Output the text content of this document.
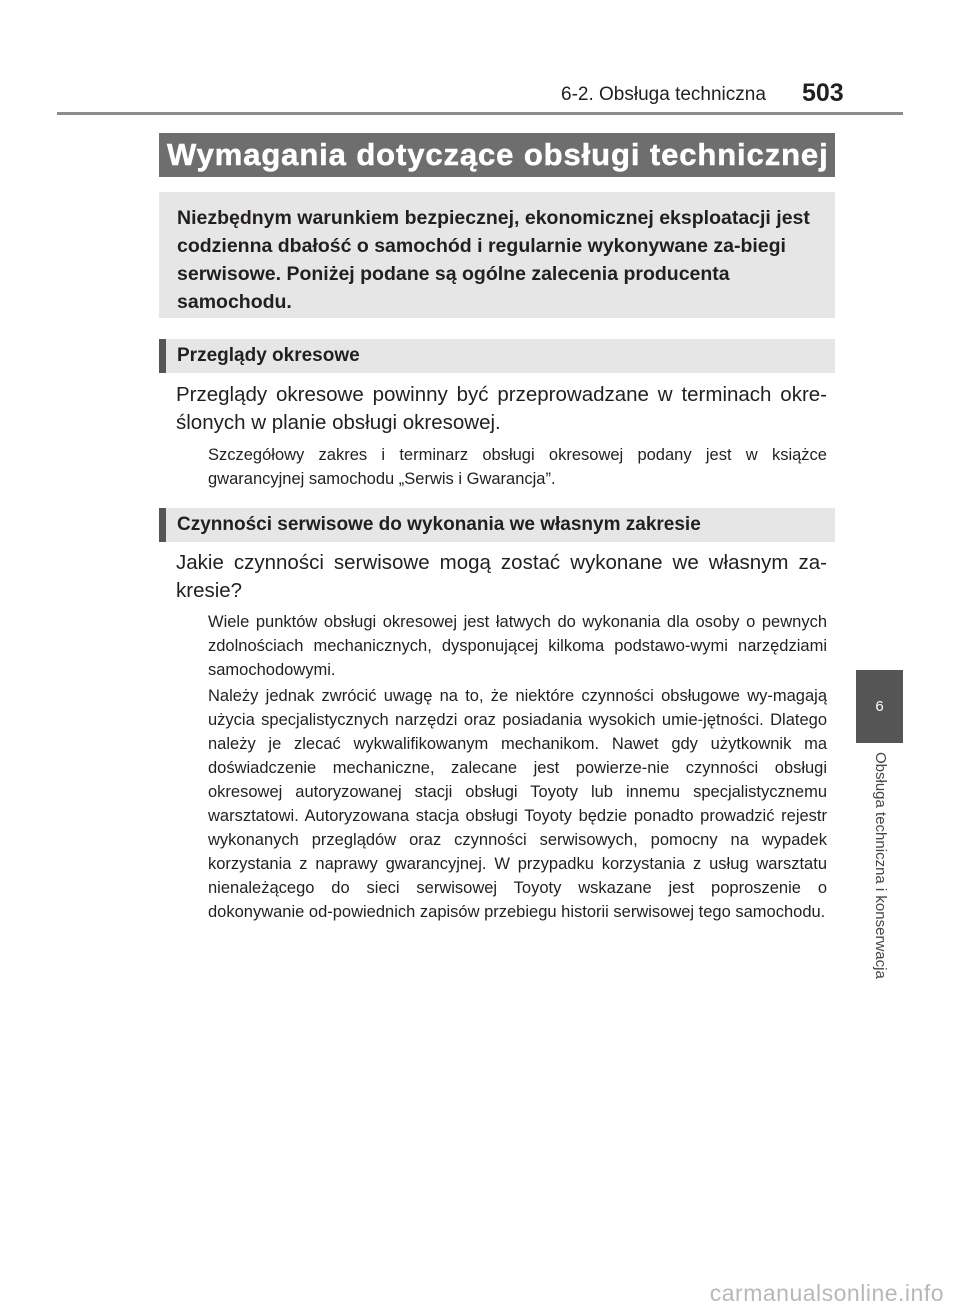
6-2. Obsługa techniczna 503
Wymagania dotyczące obsługi technicznej
Niezbędnym warunkiem bezpiecznej, ekonomicznej eksploatacji jest codzienna dbałość o samochód i regularnie wykonywane za-biegi serwisowe. Poniżej podane są ogólne zalecenia producenta samochodu.
Przeglądy okresowe
Przeglądy okresowe powinny być przeprowadzane w terminach okre-ślonych w planie obsługi okresowej.
Szczegółowy zakres i terminarz obsługi okresowej podany jest w książce gwarancyjnej samochodu „Serwis i Gwarancja”.
Czynności serwisowe do wykonania we własnym zakresie
Jakie czynności serwisowe mogą zostać wykonane we własnym za-kresie?
Wiele punktów obsługi okresowej jest łatwych do wykonania dla osoby o pewnych zdolnościach mechanicznych, dysponującej kilkoma podstawo-wymi narzędziami samochodowymi.
Należy jednak zwrócić uwagę na to, że niektóre czynności obsługowe wy-magają użycia specjalistycznych narzędzi oraz posiadania wysokich umie-jętności. Dlatego należy je zlecać wykwalifikowanym mechanikom. Nawet gdy użytkownik ma doświadczenie mechaniczne, zalecane jest powierze-nie czynności obsługi okresowej autoryzowanej stacji obsługi Toyoty lub innemu specjalistycznemu warsztatowi. Autoryzowana stacja obsługi Toyoty będzie ponadto prowadzić rejestr wykonanych przeglądów oraz czynności serwisowych, pomocny na wypadek korzystania z naprawy gwarancyjnej. W przypadku korzystania z usług warsztatu nienależącego do sieci serwisowej Toyoty wskazane jest poproszenie o dokonywanie od-powiednich zapisów przebiegu historii serwisowej tego samochodu.
6
Obsługa techniczna i konserwacja
carmanualsonline.info
